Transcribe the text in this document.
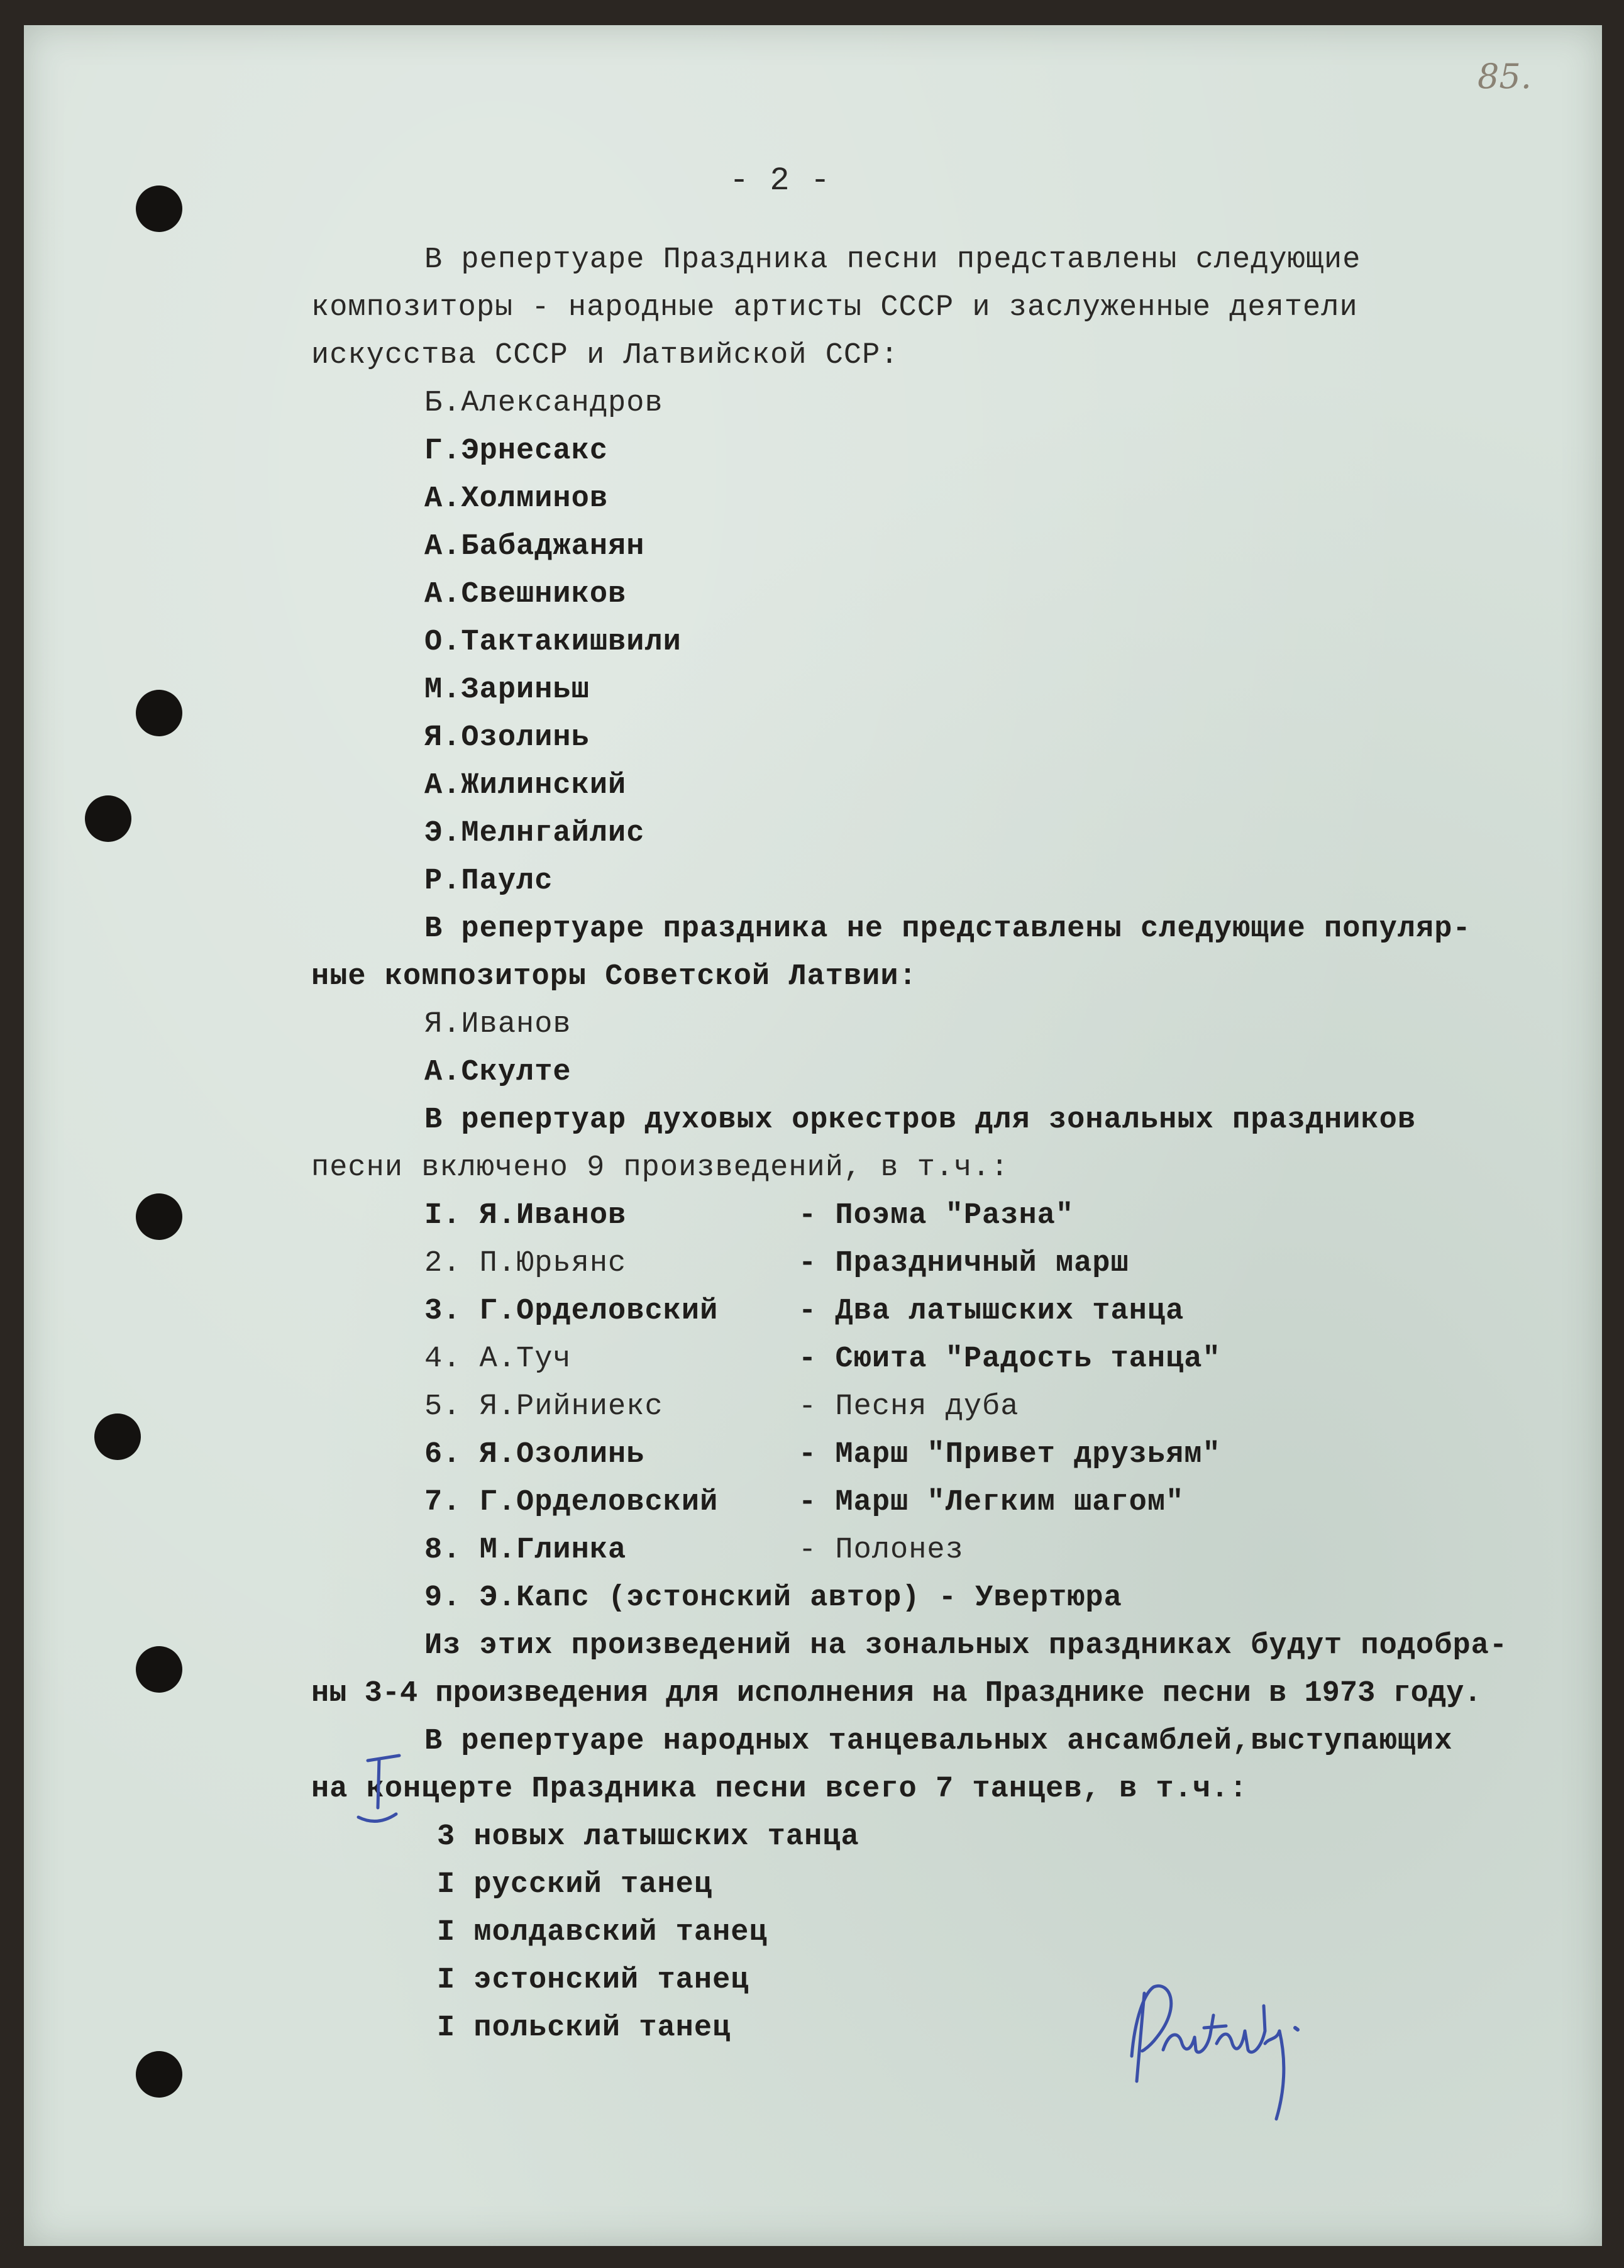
85.
- 2 -
В репертуаре Праздника песни представлены следующие
композиторы - народные артисты СССР и заслуженные деятели
искусства СССР и Латвийской ССР:
Б.Александров
Г.Эрнесакс
А.Холминов
А.Бабаджанян
А.Свешников
О.Тактакишвили
М.Зариньш
Я.Озолинь
А.Жилинский
Э.Мелнгайлис
Р.Паулс
В репертуаре праздника не представлены следующие популяр-
ные композиторы Советской Латвии:
Я.Иванов
А.Скулте
В репертуар духовых оркестров для зональных праздников
песни включено 9 произведений, в т.ч.:
I. Я.Иванов	- Поэма "Разна"
2. П.Юрьянс	- Праздничный марш
3. Г.Орделовский	- Два латышских танца
4. А.Туч	- Сюита "Радость танца"
5. Я.Рийниекс	- Песня дуба
6. Я.Озолинь	- Марш "Привет друзьям"
7. Г.Орделовский	- Марш "Легким шагом"
8. М.Глинка	- Полонез
9. Э.Капс (эстонский автор) - Увертюра
Из этих произведений на зональных праздниках будут подобра-
ны 3-4 произведения для исполнения на Празднике песни в 1973 году.
В репертуаре народных танцевальных ансамблей,выступающих
на концерте Праздника песни всего 7 танцев, в т.ч.:
3 новых латышских танца
I русский танец
I молдавский танец
I эстонский танец
I польский танец
